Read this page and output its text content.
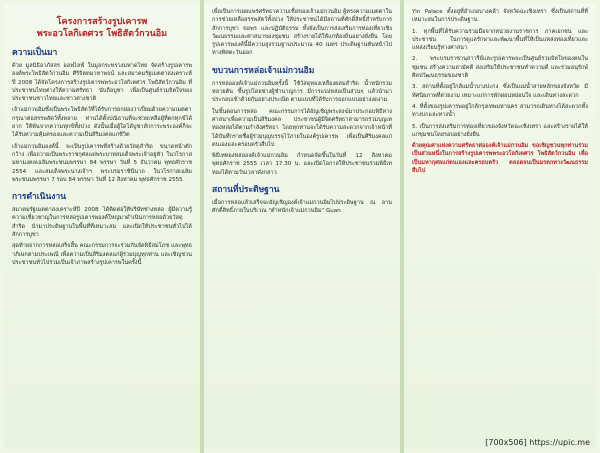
โครงการสร้างรูปเคารพ
พระอวโลกิเตศวร โพธิสัตว์กวนอิม
ความเป็นมา

ด้วย มูลนิธิอาภัสสร ออฟไลฟ์ ในมูลกระทรวงมหาดไทย จัดสร้างรูปเคารพองค์พระโพธิสัตว์กวนอิม ศิริจิตตมาหาพจน์ และสมาคมรัฐเมตตาสงเคราะห์ปี 2008 ได้จัดโครงการสร้างรูปเคารพพระอวโลกิเตศวร โพธิสัตว์กวนอิม ที่ประชาชนไทยต่างให้ความศรัทธา นับถือบูชา เพื่อเป็นศูนย์รวมจิตใจของประชาชนชาวไทยและชาวต่างชาติ

เจ้าแม่กวนอิมซึ่งเป็นพระโพธิสัตว์ที่ได้รับการยกย่องว่าเปี่ยมด้วยความเมตตากรุณาต่อสรรพสัตว์ทั้งหลาย ท่านได้ตั้งปณิธานที่จะช่วยเหลือผู้ที่ตกทุกข์ได้ยาก ให้พ้นจากความทุกข์ทั้งปวง ดังนั้นเมื่อผู้ใดได้บูชาสักการะพระองค์ก็จะได้รับความคุ้มครองและความเป็นสิริมงคลแก่ชีวิต

เจ้าแม่กวนอิมองค์นี้ จะเป็นรูปเคารพที่สร้างด้วยวัสดุสำริด ขนาดหน้าตักกว้าง เพื่อถวายเป็นพระราชกุศลแด่พระบาทสมเด็จพระเจ้าอยู่หัว ในวโรกาสมหามงคลเฉลิมพระชนมพรรษา 84 พรรษา วันที่ 5 ธันวาคม พุทธศักราช 2554 และสมเด็จพระนางเจ้าฯ พระบรมราชินีนาถ ในวโรกาสเฉลิมพระชนมพรรษา 7 รอบ 84 พรรษา วันที่ 12 สิงหาคม พุทธศักราช 2555

การดำเนินงาน

สมาคมรัฐเมตตาสงเคราะห์ปี 2008 ได้ติดต่อให้บริษัทช่างหล่อ ผู้มีความรู้ความเชี่ยวชาญในการหล่อรูปเคารพองค์ใหญ่มาดำเนินการหล่อด้วยวัสดุสำริด นำมาประดิษฐานในพื้นที่ที่เหมาะสม และเปิดให้ประชาชนทั่วไปได้สักการบูชา

สุดท้ายจากการหล่อเสร็จสิ้น คณะกรรมการจะร่วมกันจัดพิธีสมโภช และพุทธาภิเษกตามประเพณี เพื่อความเป็นสิริมงคลแก่ผู้ร่วมบุญทุกท่าน และเชิญชวนประชาชนทั่วไปร่วมเป็นเจ้าภาพสร้างรูปเคารพในครั้งนี้

เพื่อเป็นการเผยแพร่ศรัทธาความเชื่อของเจ้าแม่กวนอิม ผู้ทรงความเมตตาในการช่วยเหลือสรรพสัตว์ทั้งปวง ให้ประชาชนได้มีสถานที่ศักดิ์สิทธิ์สำหรับการสักการบูชา ขอพร และปฏิบัติธรรม ทั้งยังเป็นการส่งเสริมการท่องเที่ยวเชิงวัฒนธรรมและศาสนาของชุมชน สร้างรายได้ให้แก่ท้องถิ่นอย่างยั่งยืน โดยรูปเคารพองค์นี้มีความสูงรวมฐานประมาณ 40 เมตร ประดิษฐานหันหน้าไปทางทิศตะวันออก

ขบวนการหล่อเจ้าแม่กวนอิม

การหล่อองค์เจ้าแม่กวนอิมครั้งนี้ ใช้วัสดุทองเหลืองผสมสำริด น้ำหนักรวมหลายตัน ขึ้นรูปโดยช่างผู้ชำนาญการ มีการแบ่งหล่อเป็นส่วนๆ แล้วนำมาประกอบเข้าด้วยกันอย่างประณีต ตามแบบที่ได้รับการออกแบบอย่างงดงาม

ในขั้นตอนการหล่อ คณะกรรมการได้อัญเชิญพระสงฆ์มาประกอบพิธีทางศาสนาเพื่อความเป็นสิริมงคล ประชาชนผู้มีจิตศรัทธาสามารถร่วมบุญเททองหล่อได้ตามกำลังศรัทธา โดยทุกท่านจะได้รับความสะดวกจากเจ้าหน้าที่ ได้บันทึกรายชื่อผู้ร่วมบุญบรรจุไว้ภายในองค์รูปเคารพ เพื่อเป็นศิริมงคลแก่ตนเองและครอบครัวสืบไป

พิธีเททองหล่อองค์เจ้าแม่กวนอิม กำหนดจัดขึ้นในวันที่ 12 สิงหาคม พุทธศักราช 2555 เวลา 17.30 น. และเปิดโอกาสให้ประชาชนร่วมพิธีเททองได้ตามวันเวลาดังกล่าว

สถานที่ประดิษฐาน

เมื่อการหล่อแล้วเสร็จจะอัญเชิญองค์เจ้าแม่กวนอิมไปประดิษฐาน ณ ลานศักดิ์สิทธิ์ภายในบริเวณ "ตำหนักเจ้าแม่กวนอิม" Guan

Yin Palace ตั้งอยู่ที่อำเภอบางคล้า จังหวัดฉะเชิงเทรา ซึ่งเป็นสถานที่ที่เหมาะสมในการประดิษฐาน

1. ทุกพื้นที่ได้รับความร่วมมือจากหน่วยงานราชการ ภาคเอกชน และประชาชน ในการดูแลรักษาและพัฒนาพื้นที่ให้เป็นแหล่งท่องเที่ยวและแหล่งเรียนรู้ทางศาสนา

2. พระบรมราชานุสาวรีย์และรูปเคารพจะเป็นศูนย์รวมจิตใจของคนในชุมชน สร้างความสามัคคี ส่งเสริมให้ประชาชนทำความดี และร่วมอนุรักษ์ศิลปวัฒนธรรมของชาติ

3. สถานที่ตั้งอยู่ใกล้แม่น้ำบางปะกง ซึ่งเป็นแม่น้ำสายหลักของจังหวัด มีทัศนียภาพที่สวยงาม เหมาะแก่การพักผ่อนหย่อนใจ และเดินทางสะดวก

4. ที่ตั้งของรูปเคารพอยู่ใกล้กรุงเทพมหานคร สามารถเดินทางได้สะดวกทั้งทางบกและทางน้ำ

5. เป็นการส่งเสริมการท่องเที่ยวของจังหวัดฉะเชิงเทรา และสร้างรายได้ให้แก่ชุมชนโดยรอบอย่างยั่งยืน

ด้วยคุณค่าแห่งความศรัทธาต่อองค์เจ้าแม่กวนอิม ขอเชิญชวนทุกท่านร่วมเป็นส่วนหนึ่งในการสร้างรูปเคารพพระอวโลกิเตศวร โพธิสัตว์กวนอิม เพื่อเป็นมหากุศลแก่ตนเองและครอบครัว ตลอดจนเป็นมรดกทางวัฒนธรรมสืบไป

[700x506] https://upic.me
